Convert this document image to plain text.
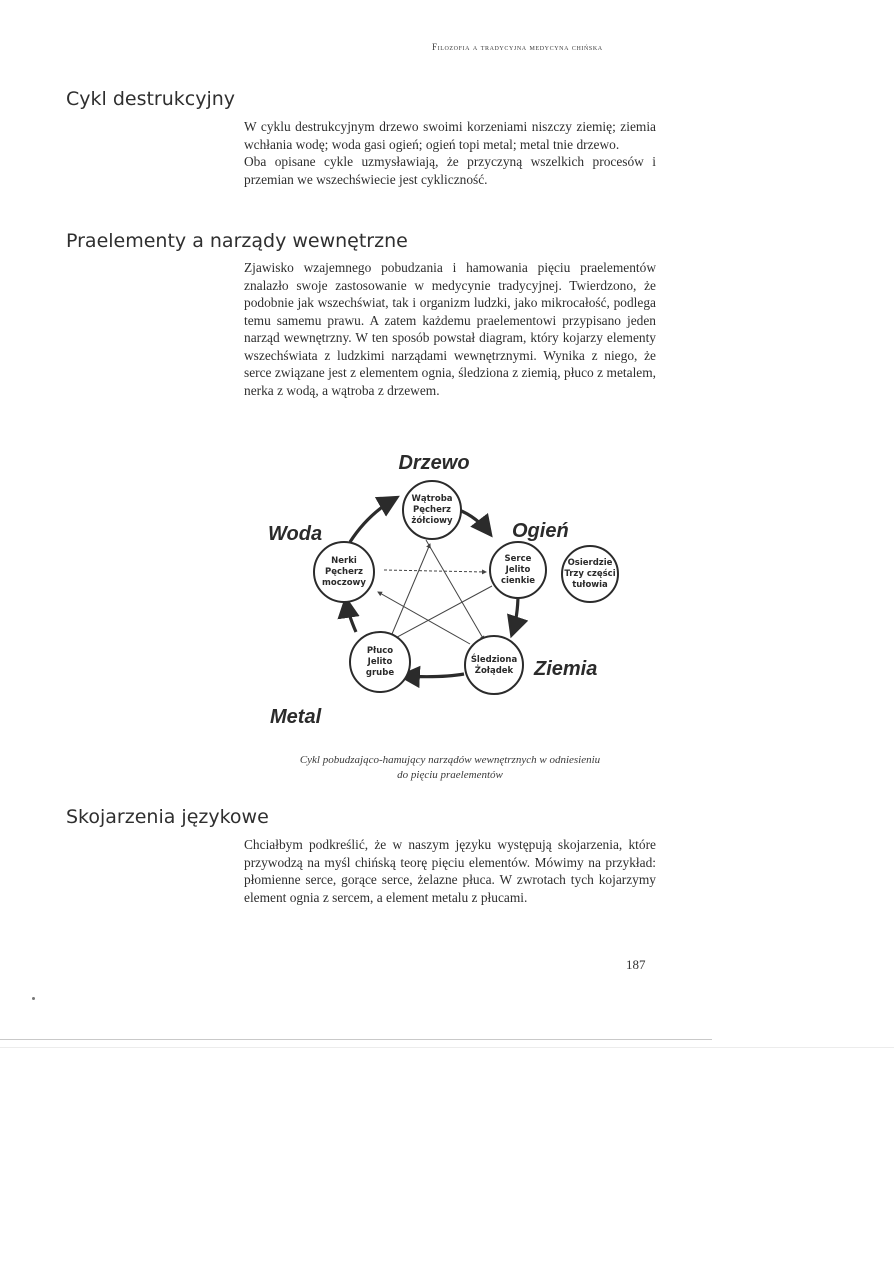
Filozofia a tradycyjna medycyna chińska
Cykl destrukcyjny

W cyklu destrukcyjnym drzewo swoimi korzeniami niszczy ziemię; ziemia wchłania wodę; woda gasi ogień; ogień topi metal; metal tnie drzewo.

Oba opisane cykle uzmysławiają, że przyczyną wszelkich procesów i przemian we wszechświecie jest cykliczność.

Praelementy a narządy wewnętrzne

Zjawisko wzajemnego pobudzania i hamowania pięciu praelementów znalazło swoje zastosowanie w medycynie tradycyjnej. Twierdzono, że podobnie jak wszechświat, tak i organizm ludzki, jako mikrocałość, podlega temu samemu prawu. A zatem każdemu praelementowi przypisano jeden narząd wewnętrzny. W ten sposób powstał diagram, który kojarzy elementy wszechświata z ludzkimi narządami wewnętrznymi. Wynika z niego, że serce związane jest z elementem ognia, śledziona z ziemią, płuco z metalem, nerka z wodą, a wątroba z drzewem.

Wątroba
Pęcherz
żółciowy
Serce
Jelito
cienkie
Osierdzie
Trzy części
tułowia
Śledziona
Żołądek
Płuco
Jelito
grube
Nerki
Pęcherz
moczowy
Drzewo
Ogień
Ziemia
Metal
Woda
Cykl pobudzająco-hamujący narządów wewnętrznych w odniesieniu
do pięciu praelementów
Skojarzenia językowe

Chciałbym podkreślić, że w naszym języku występują skojarzenia, które przywodzą na myśl chińską teorę pięciu elementów. Mówimy na przykład: płomienne serce, gorące serce, żelazne płuca. W zwrotach tych kojarzymy element ognia z sercem, a element metalu z płucami.

187
